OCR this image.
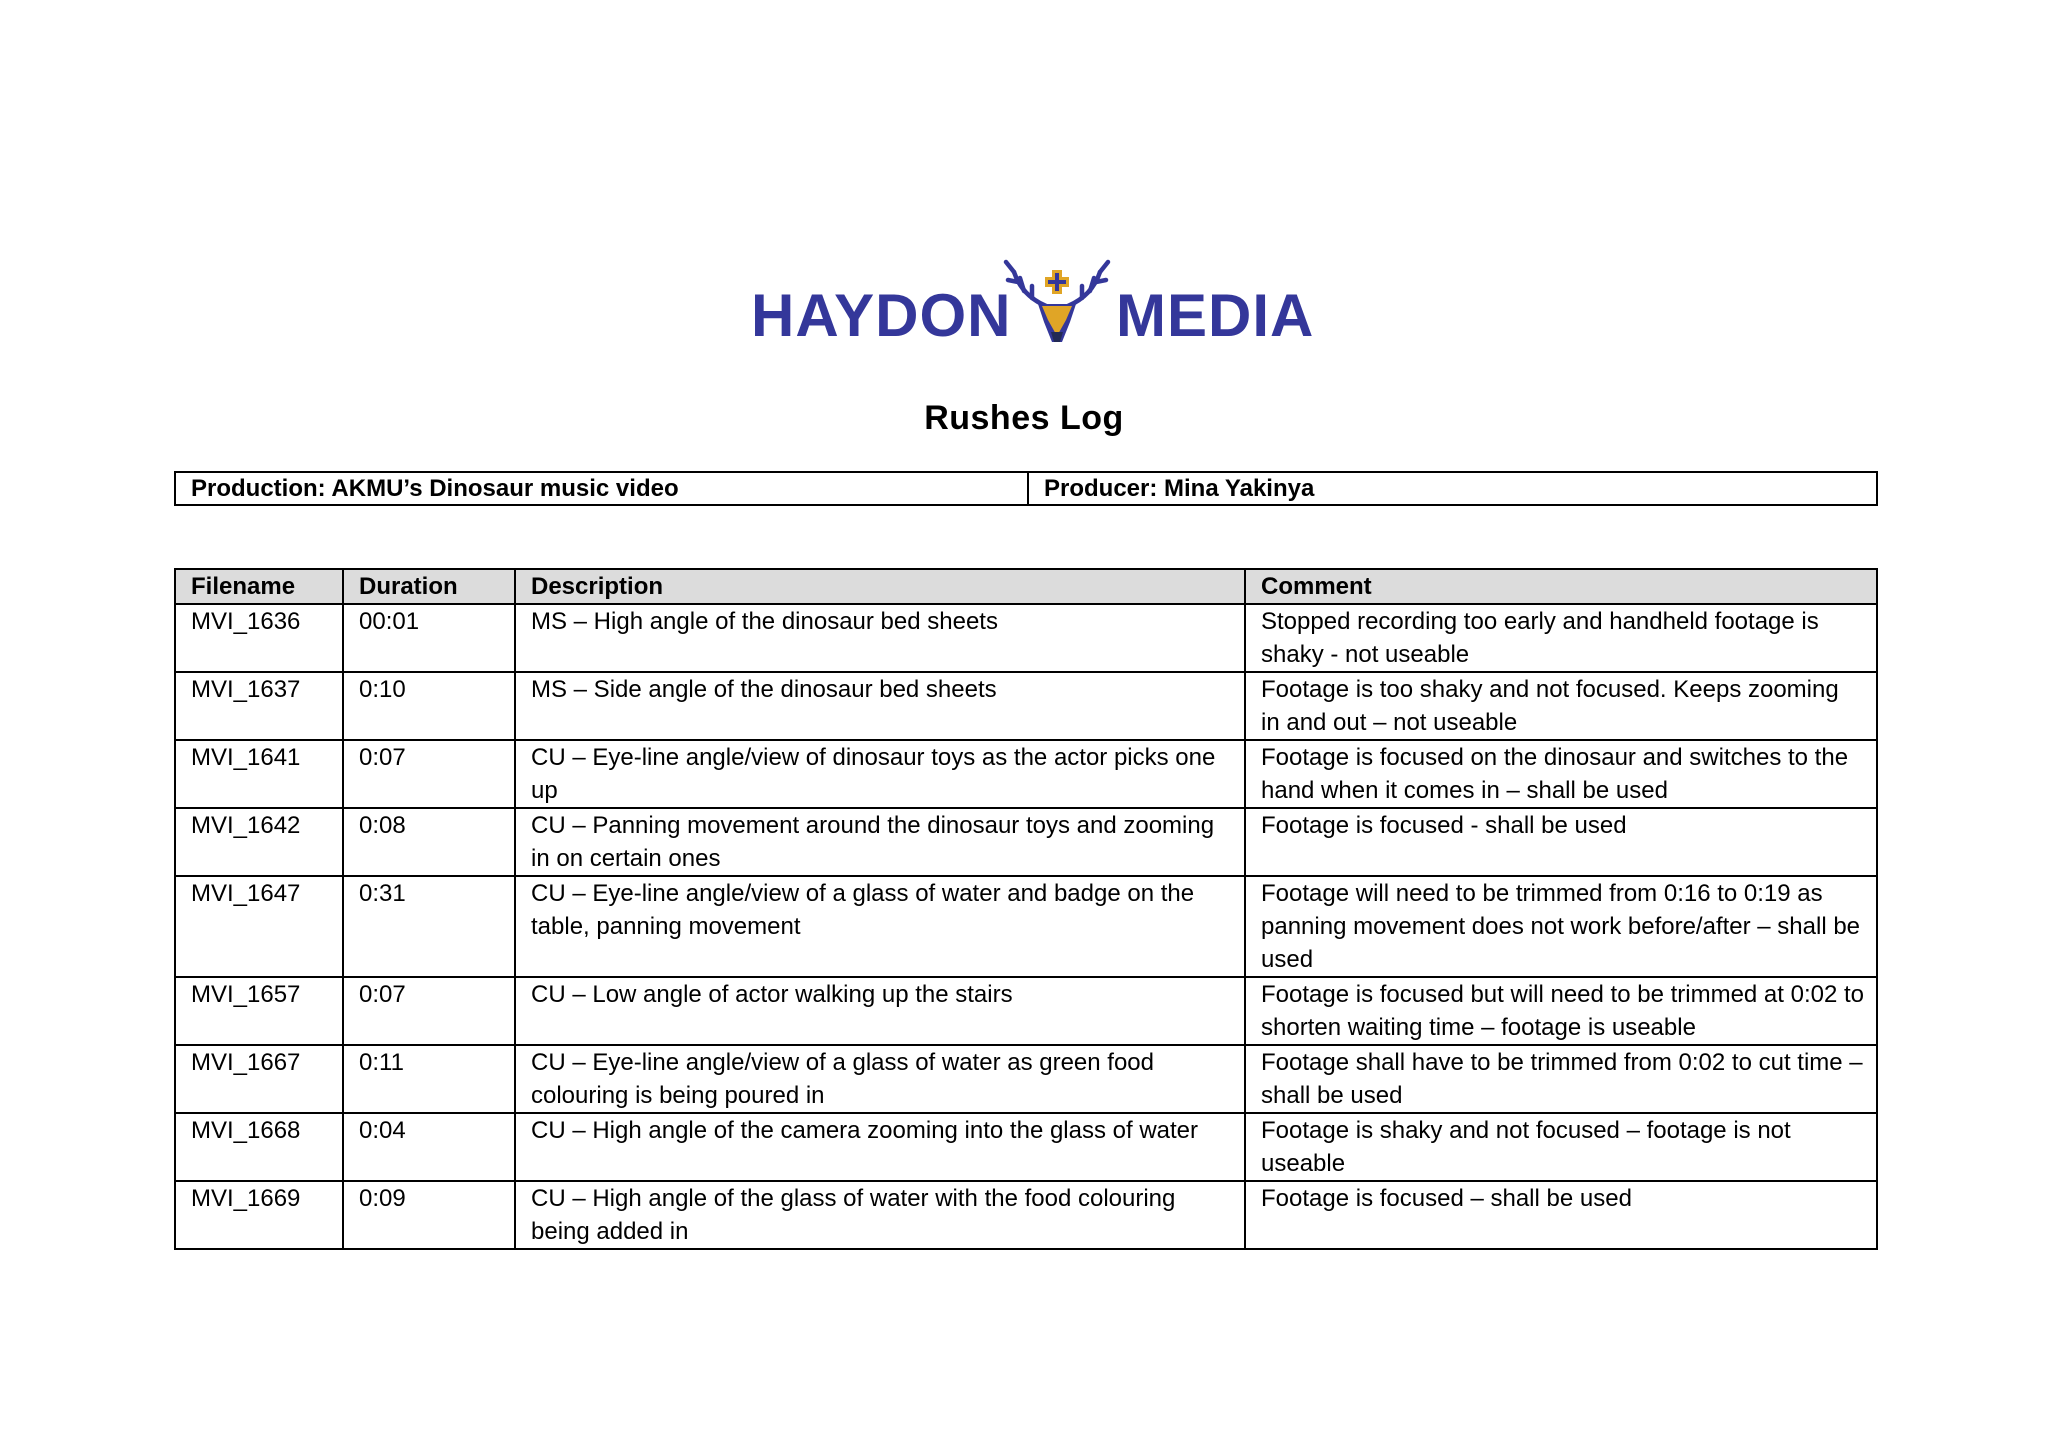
HAYDON MEDIA
Rushes Log
Production: AKMU’s Dinosaur music video	Producer: Mina Yakinya
Filename	Duration	Description	Comment
MVI_1636	00:01	MS – High angle of the dinosaur bed sheets	Stopped recording too early and handheld footage is shaky - not useable
MVI_1637	0:10	MS – Side angle of the dinosaur bed sheets	Footage is too shaky and not focused. Keeps zooming in and out – not useable
MVI_1641	0:07	CU – Eye-line angle/view of dinosaur toys as the actor picks one up	Footage is focused on the dinosaur and switches to the hand when it comes in – shall be used
MVI_1642	0:08	CU – Panning movement around the dinosaur toys and zooming in on certain ones	Footage is focused - shall be used
MVI_1647	0:31	CU – Eye-line angle/view of a glass of water and badge on the table, panning movement	Footage will need to be trimmed from 0:16 to 0:19 as panning movement does not work before/after – shall be used
MVI_1657	0:07	CU – Low angle of actor walking up the stairs	Footage is focused but will need to be trimmed at 0:02 to shorten waiting time – footage is useable
MVI_1667	0:11	CU – Eye-line angle/view of a glass of water as green food colouring is being poured in	Footage shall have to be trimmed from 0:02 to cut time – shall be used
MVI_1668	0:04	CU – High angle of the camera zooming into the glass of water	Footage is shaky and not focused – footage is not useable
MVI_1669	0:09	CU – High angle of the glass of water with the food colouring being added in	Footage is focused – shall be used
